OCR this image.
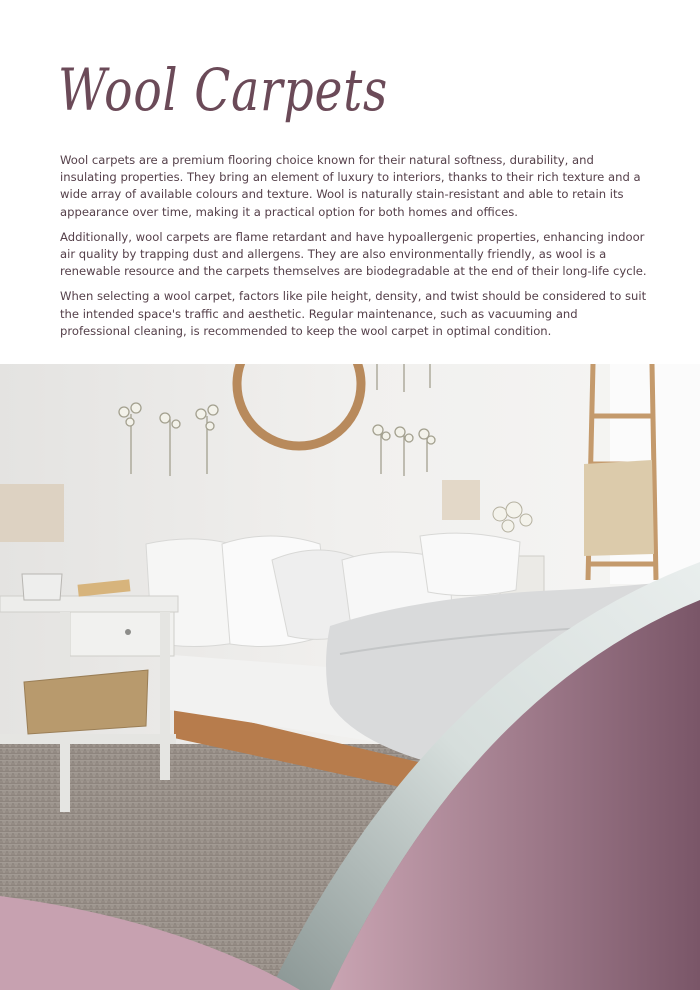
Wool Carpets

Wool carpets are a premium flooring choice known for their natural softness, durability, and insulating properties. They bring an element of luxury to interiors, thanks to their rich texture and a wide array of available colours and texture. Wool is naturally stain-resistant and able to retain its appearance over time, making it a practical option for both homes and offices.

Additionally, wool carpets are flame retardant and have hypoallergenic properties, enhancing indoor air quality by trapping dust and allergens. They are also environmentally friendly, as wool is a renewable resource and the carpets themselves are biodegradable at the end of their long-life cycle.

When selecting a wool carpet, factors like pile height, density, and twist should be considered to suit the intended space's traffic and aesthetic. Regular maintenance, such as vacuuming and professional cleaning, is recommended to keep the wool carpet in optimal condition.
